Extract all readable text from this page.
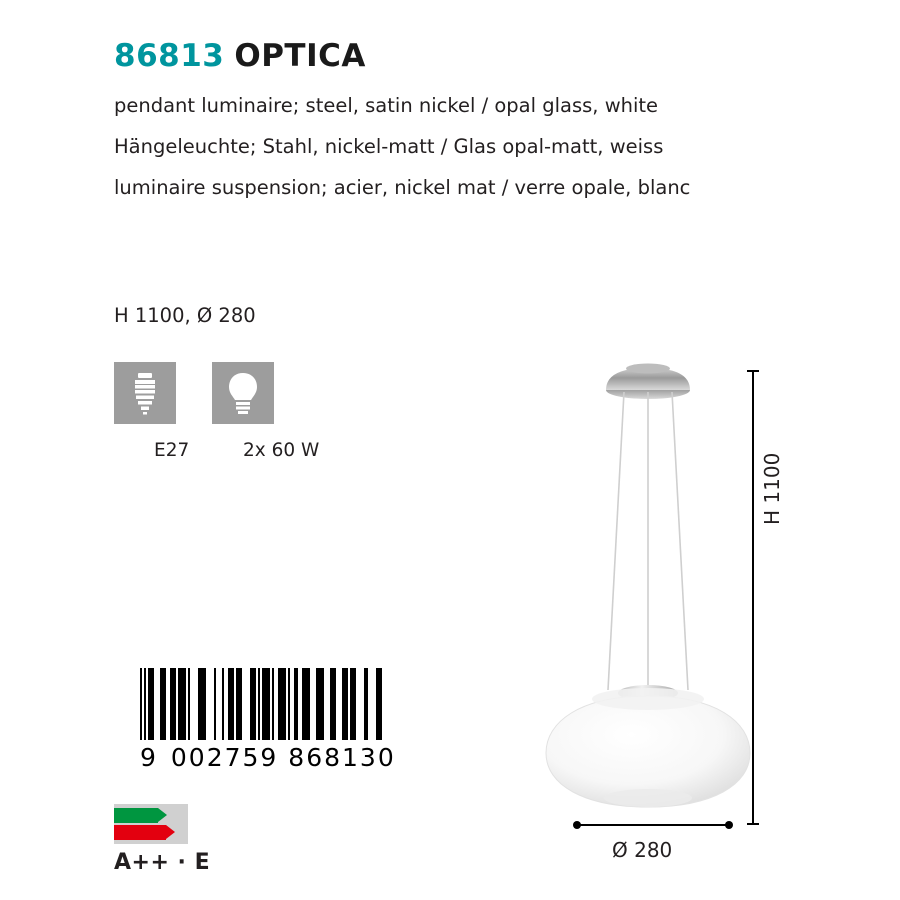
86813 OPTICA
pendant luminaire; steel, satin nickel / opal glass, white
Hängeleuchte; Stahl, nickel-matt / Glas opal-matt, weiss
luminaire suspension; acier, nickel mat / verre opale, blanc
H 1100, Ø 280

E27	2x 60 W
9 002759 868130
A++ · E
H 1100
Ø 280
